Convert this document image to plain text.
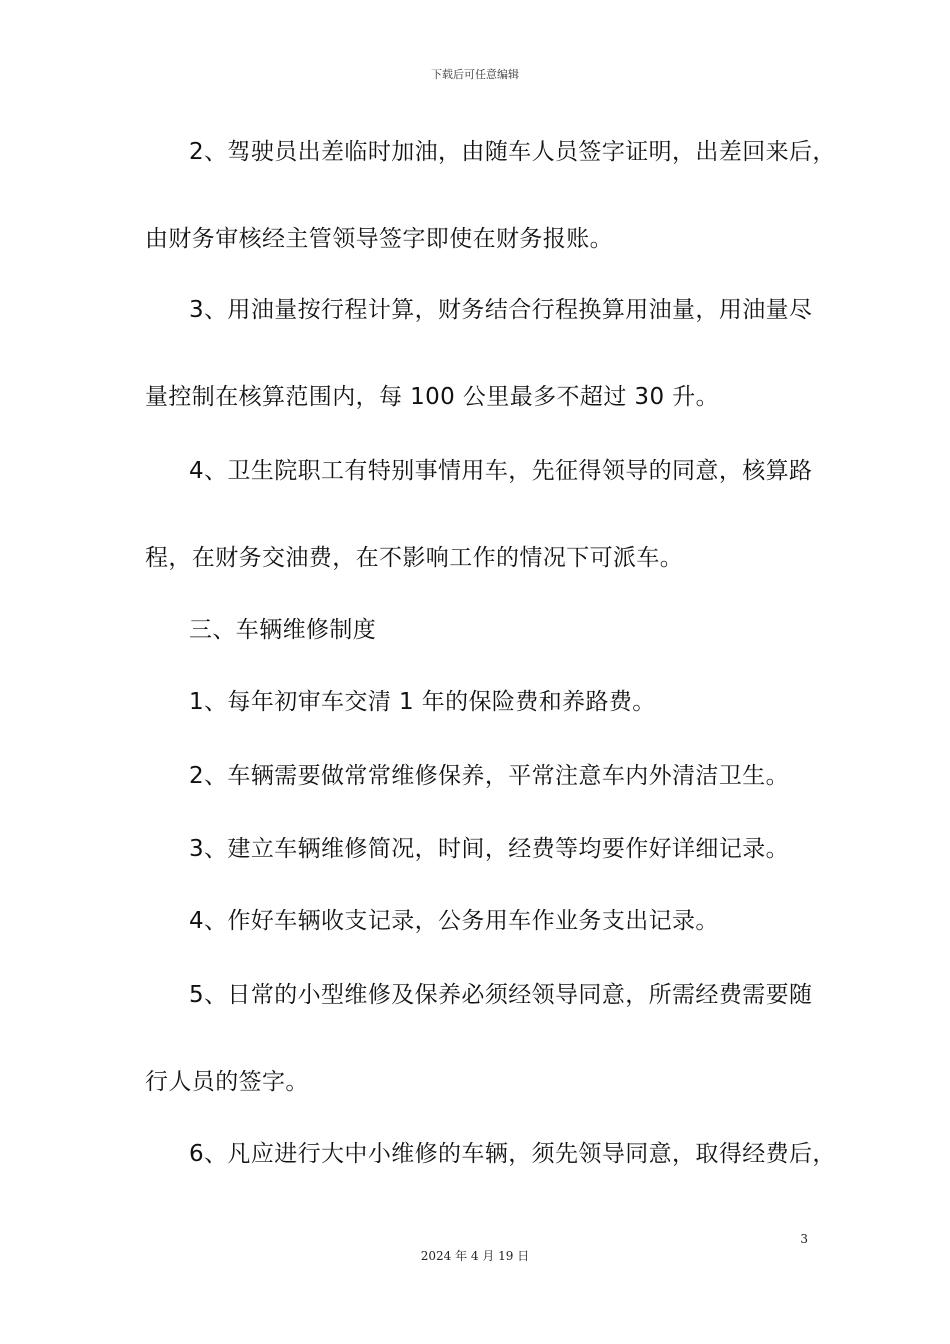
下载后可任意编辑
2、驾驶员出差临时加油，由随车人员签字证明，出差回来后，
由财务审核经主管领导签字即使在财务报账。
3、用油量按行程计算，财务结合行程换算用油量，用油量尽
量控制在核算范围内，每 100 公里最多不超过 30 升。
4、卫生院职工有特别事情用车，先征得领导的同意，核算路
程，在财务交油费，在不影响工作的情况下可派车。
三、车辆维修制度
1、每年初审车交清 1 年的保险费和养路费。
2、车辆需要做常常维修保养，平常注意车内外清洁卫生。
3、建立车辆维修简况，时间，经费等均要作好详细记录。
4、作好车辆收支记录，公务用车作业务支出记录。
5、日常的小型维修及保养必须经领导同意，所需经费需要随
行人员的签字。
6、凡应进行大中小维修的车辆，须先领导同意，取得经费后，
3
2024 年 4 月 19 日
